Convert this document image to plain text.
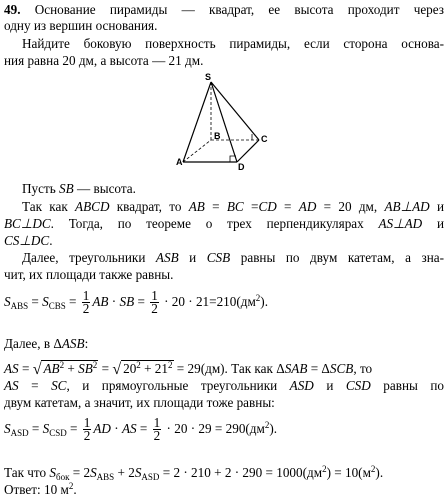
49. Основание пирамиды — квадрат, ее высота проходит через
одну из вершин основания.
Найдите боковую поверхность пирамиды, если сторона основа-
ния равна 20 дм, а высота — 21 дм.
S
B	C
A	D
Пусть SB — высота.
Так как ABCD квадрат, то AB = BC =CD = AD = 20 дм, AB⊥AD и
BC⊥DC. Тогда, по теореме о трех перпендикулярах AS⊥AD и
CS⊥DC.
Далее, треугольники ASB и CSB равны по двум катетам, а зна-
чит, их площади также равны.
$S_{ABS} = S_{CBS} = \frac{1}{2}$ AB · SB = $\frac{1}{2} \cdot 20 \cdot 21=210(дм^2)$.
Далее, в ΔASB:
AS = √ $AB^2 + SB^2$ = √ $20^2 + 21^2 = 29(дм)$. Так как ΔSAB = ΔSCB, то
AS = SC, и прямоугольные треугольники ASD и CSD равны по
двум катетам, а значит, их площади тоже равны:
$S_{ASD} = S_{CSD} = \frac{1}{2}$ AD · AS = $\frac{1}{2} \cdot 20 \cdot 29 = 290(дм^2)$.
Так что $S_{бок} = 2S_{ABS} + 2S_{ASD} = 2 \cdot 210 + 2 \cdot 290 = 1000(дм^2) = 10(м^2)$.
Ответ: 10 $м^2$.
